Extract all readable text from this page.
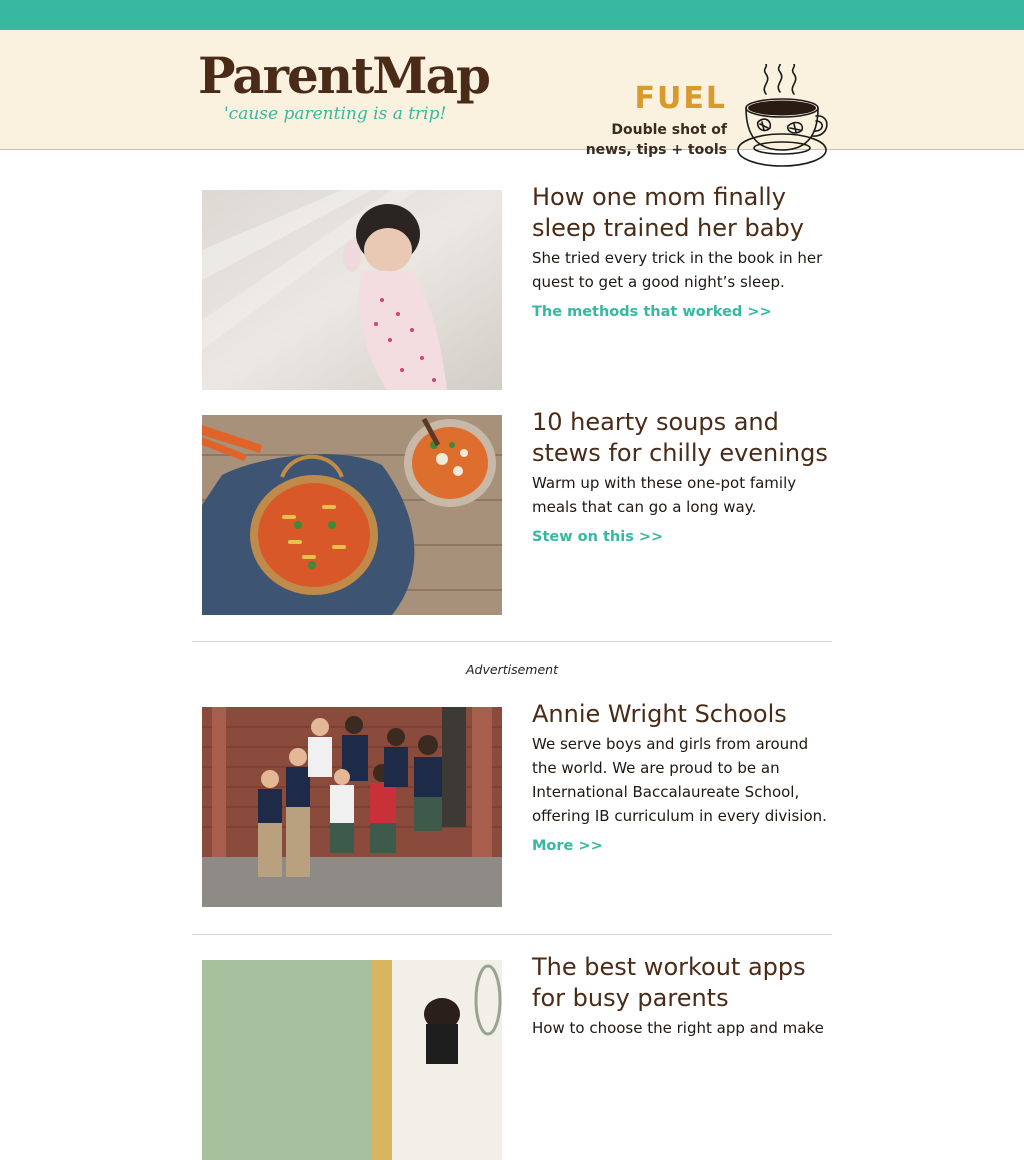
ParentMap
'cause parenting is a trip!	FUEL
Double shot of
news, tips + tools
How one mom finally sleep trained her baby

She tried every trick in the book in her quest to get a good night’s sleep.

The methods that worked >>
10 hearty soups and stews for chilly evenings

Warm up with these one-pot family meals that can go a long way.

Stew on this >>
Advertisement
Annie Wright Schools

We serve boys and girls from around the world. We are proud to be an International Baccalaureate School, offering IB curriculum in every division.

More >>
The best workout apps for busy parents

How to choose the right app and make
